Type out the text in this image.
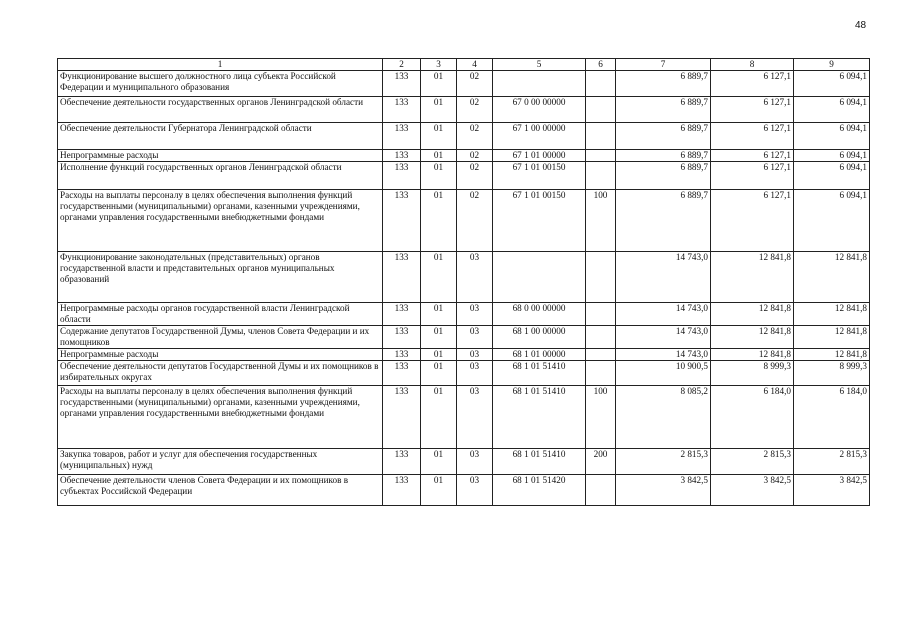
48
1	2	3	4	5	6	7	8	9
Функционирование высшего должностного лица субъекта Российской Федерации и муниципального образования	133	01	02			6 889,7	6 127,1	6 094,1
Обеспечение деятельности государственных органов Ленинградской области	133	01	02	67 0 00 00000		6 889,7	6 127,1	6 094,1
Обеспечение деятельности Губернатора Ленинградской области	133	01	02	67 1 00 00000		6 889,7	6 127,1	6 094,1
Непрограммные расходы	133	01	02	67 1 01 00000		6 889,7	6 127,1	6 094,1
Исполнение функций государственных органов Ленинградской области	133	01	02	67 1 01 00150		6 889,7	6 127,1	6 094,1
Расходы на выплаты персоналу в целях обеспечения выполнения функций государственными (муниципальными) органами, казенными учреждениями, органами управления государственными внебюджетными фондами	133	01	02	67 1 01 00150	100	6 889,7	6 127,1	6 094,1
Функционирование законодательных (представительных) органов государственной власти и представительных органов муниципальных образований	133	01	03			14 743,0	12 841,8	12 841,8
Непрограммные расходы органов государственной власти Ленинградской области	133	01	03	68 0 00 00000		14 743,0	12 841,8	12 841,8
Содержание депутатов Государственной Думы, членов Совета Федерации и их помощников	133	01	03	68 1 00 00000		14 743,0	12 841,8	12 841,8
Непрограммные расходы	133	01	03	68 1 01 00000		14 743,0	12 841,8	12 841,8
Обеспечение деятельности депутатов Государственной Думы и их помощников в избирательных округах	133	01	03	68 1 01 51410		10 900,5	8 999,3	8 999,3
Расходы на выплаты персоналу в целях обеспечения выполнения функций государственными (муниципальными) органами, казенными учреждениями, органами управления государственными внебюджетными фондами	133	01	03	68 1 01 51410	100	8 085,2	6 184,0	6 184,0
Закупка товаров, работ и услуг для обеспечения государственных (муниципальных) нужд	133	01	03	68 1 01 51410	200	2 815,3	2 815,3	2 815,3
Обеспечение деятельности членов Совета Федерации и их помощников в субъектах Российской Федерации	133	01	03	68 1 01 51420		3 842,5	3 842,5	3 842,5
